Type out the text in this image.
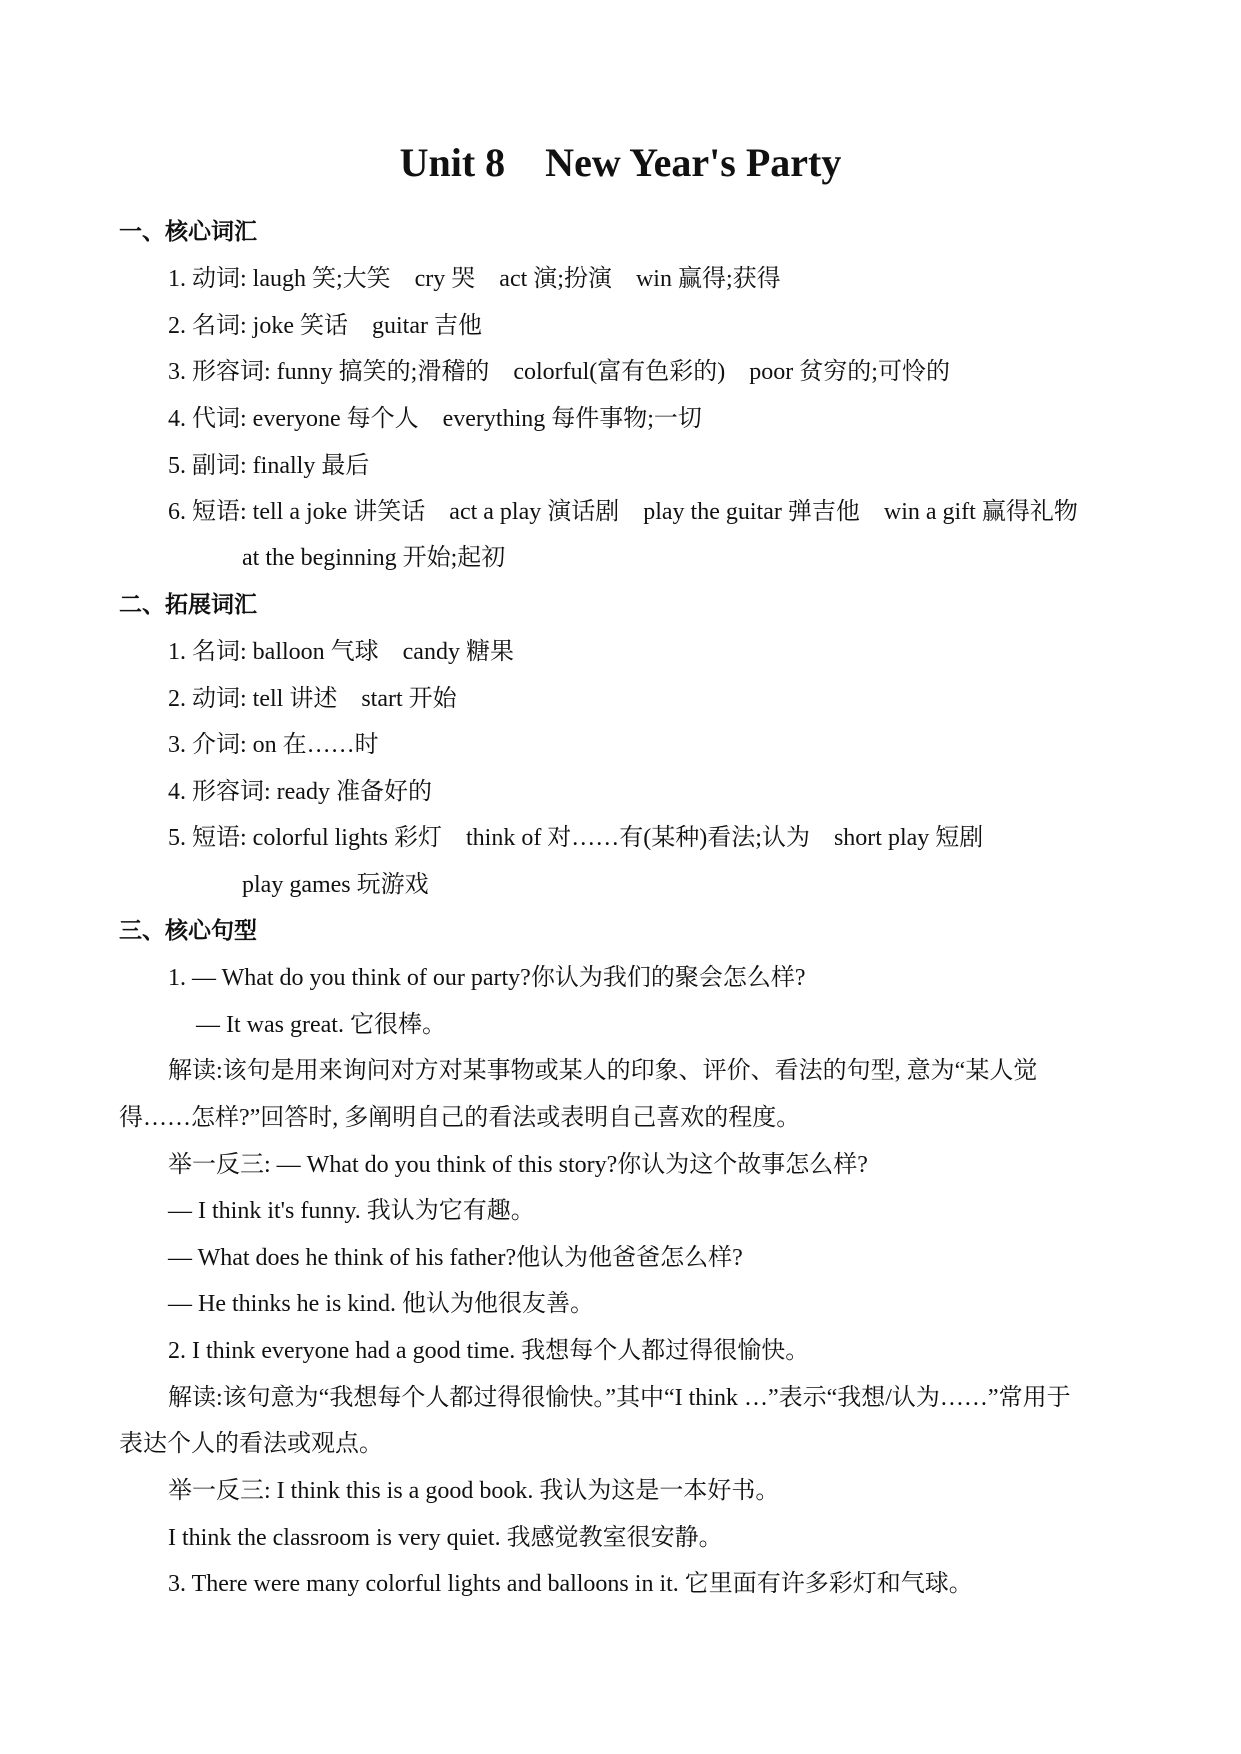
Unit 8    New Year's Party
一、核心词汇
1. 动词: laugh 笑;大笑    cry 哭    act 演;扮演    win 赢得;获得
2. 名词: joke 笑话    guitar 吉他
3. 形容词: funny 搞笑的;滑稽的    colorful(富有色彩的)    poor 贫穷的;可怜的
4. 代词: everyone 每个人    everything 每件事物;一切
5. 副词: finally 最后
6. 短语: tell a joke 讲笑话    act a play 演话剧    play the guitar 弹吉他    win a gift 赢得礼物
at the beginning 开始;起初
二、拓展词汇
1. 名词: balloon 气球    candy 糖果
2. 动词: tell 讲述    start 开始
3. 介词: on 在……时
4. 形容词: ready 准备好的
5. 短语: colorful lights 彩灯    think of 对……有(某种)看法;认为    short play 短剧
play games 玩游戏
三、核心句型
1. — What do you think of our party?你认为我们的聚会怎么样?
— It was great. 它很棒。
解读:该句是用来询问对方对某事物或某人的印象、评价、看法的句型, 意为“某人觉
得……怎样?”回答时, 多阐明自己的看法或表明自己喜欢的程度。
举一反三: — What do you think of this story?你认为这个故事怎么样?
— I think it's funny. 我认为它有趣。
— What does he think of his father?他认为他爸爸怎么样?
— He thinks he is kind. 他认为他很友善。
2. I think everyone had a good time. 我想每个人都过得很愉快。
解读:该句意为“我想每个人都过得很愉快。”其中“I think …”表示“我想/认为……”常用于
表达个人的看法或观点。
举一反三: I think this is a good book. 我认为这是一本好书。
I think the classroom is very quiet. 我感觉教室很安静。
3. There were many colorful lights and balloons in it. 它里面有许多彩灯和气球。
